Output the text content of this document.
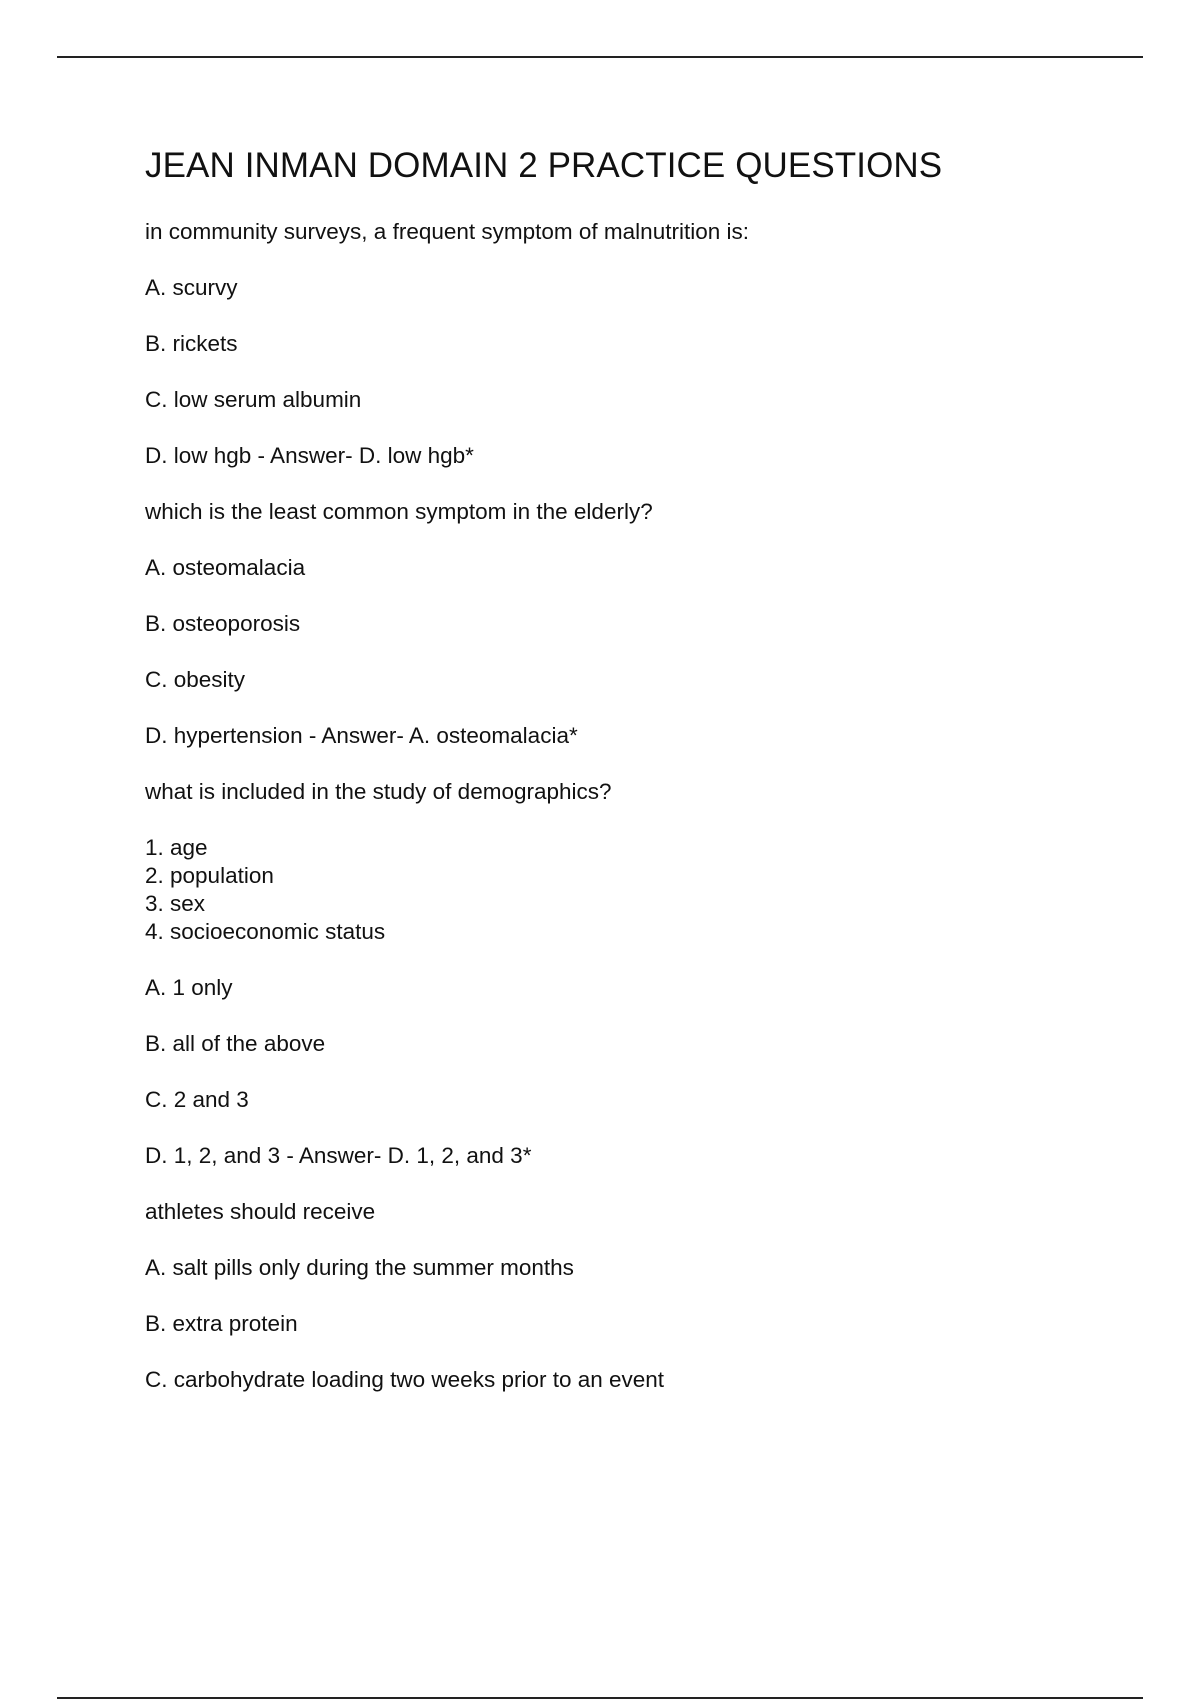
JEAN INMAN DOMAIN 2 PRACTICE QUESTIONS
in community surveys, a frequent symptom of malnutrition is:
A. scurvy
B. rickets
C. low serum albumin
D. low hgb - Answer- D. low hgb*
which is the least common symptom in the elderly?
A. osteomalacia
B. osteoporosis
C. obesity
D. hypertension - Answer- A. osteomalacia*
what is included in the study of demographics?
1. age
2. population
3. sex
4. socioeconomic status
A. 1 only
B. all of the above
C. 2 and 3
D. 1, 2, and 3 - Answer- D. 1, 2, and 3*
athletes should receive
A. salt pills only during the summer months
B. extra protein
C. carbohydrate loading two weeks prior to an event
